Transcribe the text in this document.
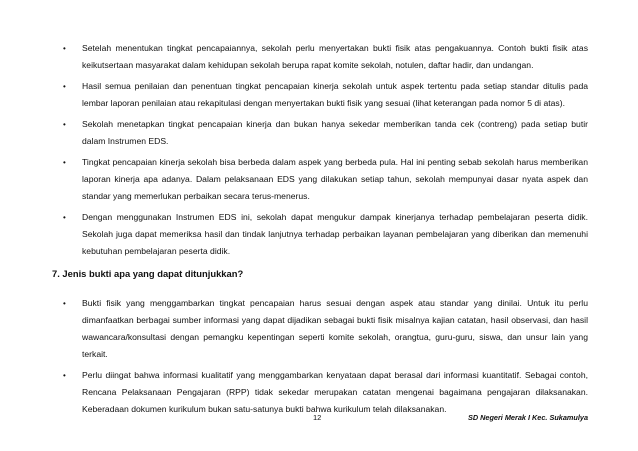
• Setelah menentukan tingkat pencapaiannya, sekolah perlu menyertakan bukti fisik atas pengakuannya. Contoh bukti fisik atas keikutsertaan masyarakat dalam kehidupan sekolah berupa rapat komite sekolah, notulen, daftar hadir, dan undangan.
• Hasil semua penilaian dan penentuan tingkat pencapaian kinerja sekolah untuk aspek tertentu pada setiap standar ditulis pada lembar laporan penilaian atau rekapitulasi dengan menyertakan bukti fisik yang sesuai (lihat keterangan pada nomor 5 di atas).
• Sekolah menetapkan tingkat pencapaian kinerja dan bukan hanya sekedar memberikan tanda cek (contreng) pada setiap butir dalam Instrumen EDS.
• Tingkat pencapaian kinerja sekolah bisa berbeda dalam aspek yang berbeda pula. Hal ini penting sebab sekolah harus memberikan laporan kinerja apa adanya. Dalam pelaksanaan EDS yang dilakukan setiap tahun, sekolah mempunyai dasar nyata aspek dan standar yang memerlukan perbaikan secara terus-menerus.
• Dengan menggunakan Instrumen EDS ini, sekolah dapat mengukur dampak kinerjanya terhadap pembelajaran peserta didik. Sekolah juga dapat memeriksa hasil dan tindak lanjutnya terhadap perbaikan layanan pembelajaran yang diberikan dan memenuhi kebutuhan pembelajaran peserta didik.
7. Jenis bukti apa yang dapat ditunjukkan?
• Bukti fisik yang menggambarkan tingkat pencapaian harus sesuai dengan aspek atau standar yang dinilai. Untuk itu perlu dimanfaatkan berbagai sumber informasi yang dapat dijadikan sebagai bukti fisik misalnya kajian catatan, hasil observasi, dan hasil wawancara/konsultasi dengan pemangku kepentingan seperti komite sekolah, orangtua, guru-guru, siswa, dan unsur lain yang terkait.
• Perlu diingat bahwa informasi kualitatif yang menggambarkan kenyataan dapat berasal dari informasi kuantitatif. Sebagai contoh, Rencana Pelaksanaan Pengajaran (RPP) tidak sekedar merupakan catatan mengenai bagaimana pengajaran dilaksanakan. Keberadaan dokumen kurikulum bukan satu-satunya bukti bahwa kurikulum telah dilaksanakan.
12	SD Negeri Merak I Kec. Sukamulya
